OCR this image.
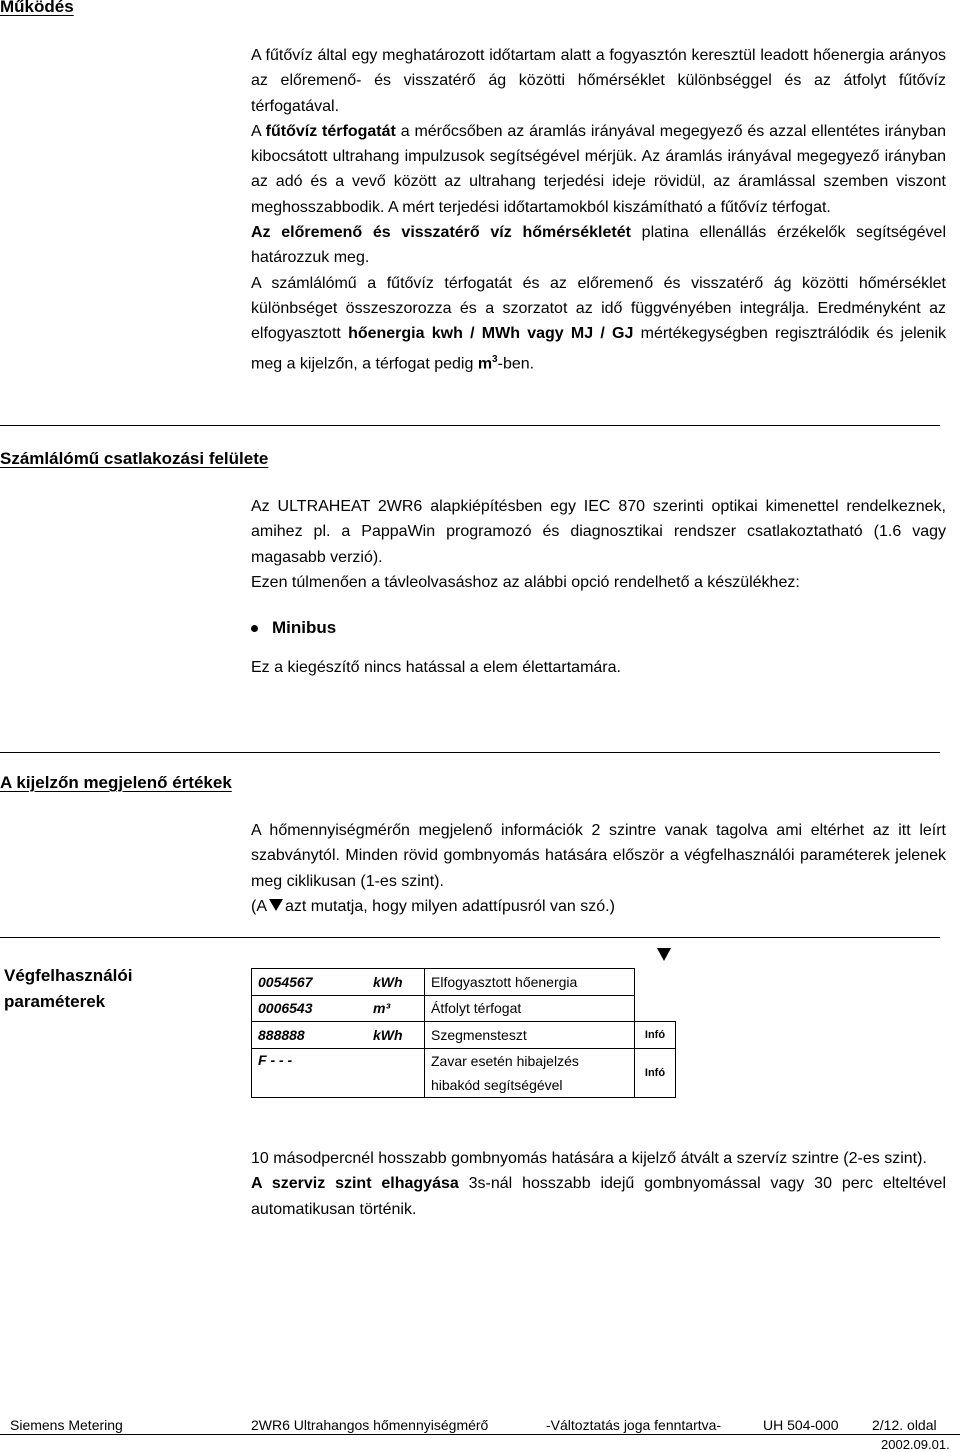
Működés

A fűtővíz által egy meghatározott időtartam alatt a fogyasztón keresztül leadott hőenergia arányos az előremenő- és visszatérő ág közötti hőmérséklet különbséggel és az átfolyt fűtővíz térfogatával.

A fűtővíz térfogatát a mérőcsőben az áramlás irányával megegyező és azzal ellentétes irányban kibocsátott ultrahang impulzusok segítségével mérjük. Az áramlás irányával megegyező irányban az adó és a vevő között az ultrahang terjedési ideje rövidül, az áramlással szemben viszont meghosszabbodik. A mért terjedési időtartamokból kiszámítható a fűtővíz térfogat.

Az előremenő és visszatérő víz hőmérsékletét platina ellenállás érzékelők segítségével határozzuk meg.

A számlálómű a fűtővíz térfogatát és az előremenő és visszatérő ág közötti hőmérséklet különbséget összeszorozza és a szorzatot az idő függvényében integrálja. Eredményként az elfogyasztott hőenergia kwh / MWh vagy MJ / GJ mértékegységben regisztrálódik és jelenik meg a kijelzőn, a térfogat pedig $m^3$-ben.

Számlálómű csatlakozási felülete

Az ULTRAHEAT 2WR6 alapkiépítésben egy IEC 870 szerinti optikai kimenettel rendelkeznek, amihez pl. a PappaWin programozó és diagnosztikai rendszer csatlakoztatható (1.6 vagy magasabb verzió).

Ezen túlmenően a távleolvasáshoz az alábbi opció rendelhető a készülékhez:

Minibus

Ez a kiegészítő nincs hatással a elem élettartamára.

A kijelzőn megjelenő értékek

A hőmennyiségmérőn megjelenő információk 2 szintre vanak tagolva ami eltérhet az itt leírt szabványtól. Minden rövid gombnyomás hatására először a végfelhasználói paraméterek jelenek meg ciklikusan (1-es szint).

(A azt mutatja, hogy milyen adattípusról van szó.)

Végfelhasználói
paraméterek
0054567	kWh	Elfogyasztott hőenergia	
0006543	m³	Átfolyt térfogat	
888888	kWh	Szegmensteszt	Infó
F - - -		Zavar esetén hibajelzés
hibakód segítségével	Infó

10 másodpercnél hosszabb gombnyomás hatására a kijelző átvált a szervíz szintre (2-es szint).

A szerviz szint elhagyása 3s-nál hosszabb idejű gombnyomással vagy 30 perc elteltével automatikusan történik.

Siemens Metering	2WR6 Ultrahangos hőmennyiségmérő	-Változtatás joga fenntartva-	UH 504-000 2/12. oldal
2002.09.01.
